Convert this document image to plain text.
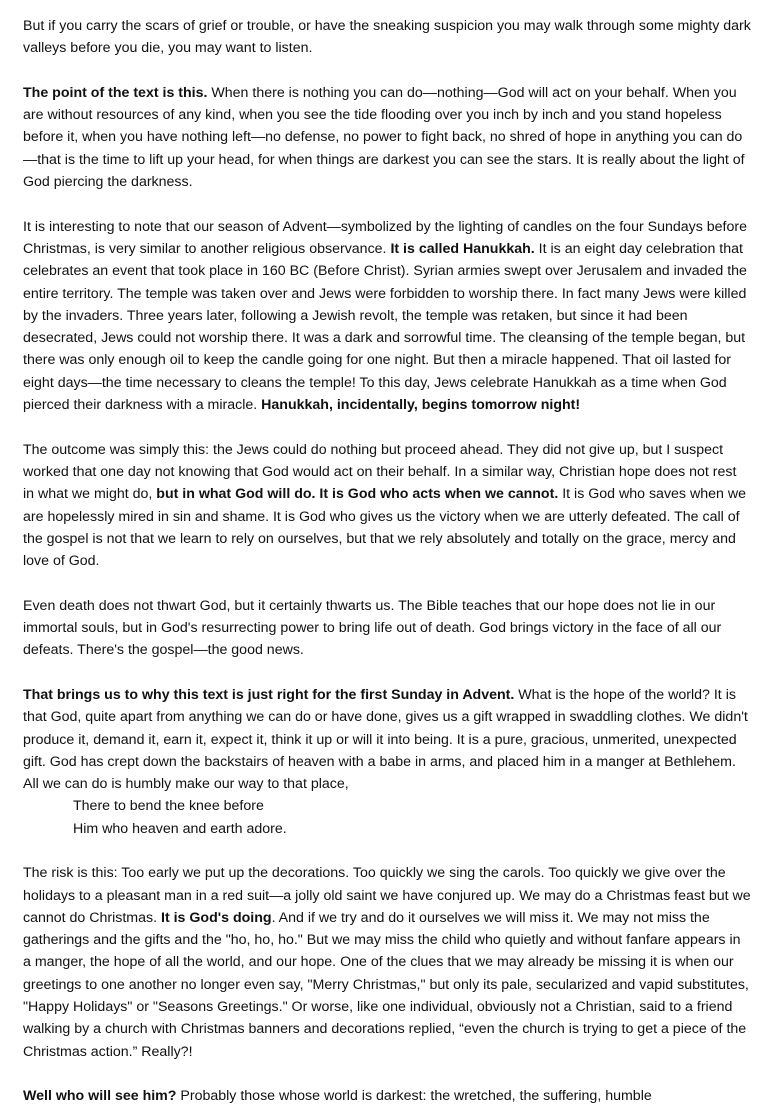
But if you carry the scars of grief or trouble, or have the sneaking suspicion you may walk through some mighty dark valleys before you die, you may want to listen.

The point of the text is this. When there is nothing you can do—nothing—God will act on your behalf. When you are without resources of any kind, when you see the tide flooding over you inch by inch and you stand hopeless before it, when you have nothing left—no defense, no power to fight back, no shred of hope in anything you can do—that is the time to lift up your head, for when things are darkest you can see the stars. It is really about the light of God piercing the darkness.

It is interesting to note that our season of Advent—symbolized by the lighting of candles on the four Sundays before Christmas, is very similar to another religious observance. It is called Hanukkah. It is an eight day celebration that celebrates an event that took place in 160 BC (Before Christ). Syrian armies swept over Jerusalem and invaded the entire territory. The temple was taken over and Jews were forbidden to worship there. In fact many Jews were killed by the invaders. Three years later, following a Jewish revolt, the temple was retaken, but since it had been desecrated, Jews could not worship there. It was a dark and sorrowful time. The cleansing of the temple began, but there was only enough oil to keep the candle going for one night. But then a miracle happened. That oil lasted for eight days—the time necessary to cleans the temple! To this day, Jews celebrate Hanukkah as a time when God pierced their darkness with a miracle. Hanukkah, incidentally, begins tomorrow night!

The outcome was simply this: the Jews could do nothing but proceed ahead. They did not give up, but I suspect worked that one day not knowing that God would act on their behalf. In a similar way, Christian hope does not rest in what we might do, but in what God will do. It is God who acts when we cannot. It is God who saves when we are hopelessly mired in sin and shame. It is God who gives us the victory when we are utterly defeated. The call of the gospel is not that we learn to rely on ourselves, but that we rely absolutely and totally on the grace, mercy and love of God.

Even death does not thwart God, but it certainly thwarts us. The Bible teaches that our hope does not lie in our immortal souls, but in God's resurrecting power to bring life out of death. God brings victory in the face of all our defeats. There's the gospel—the good news.

That brings us to why this text is just right for the first Sunday in Advent. What is the hope of the world? It is that God, quite apart from anything we can do or have done, gives us a gift wrapped in swaddling clothes. We didn't produce it, demand it, earn it, expect it, think it up or will it into being. It is a pure, gracious, unmerited, unexpected gift. God has crept down the backstairs of heaven with a babe in arms, and placed him in a manger at Bethlehem. All we can do is humbly make our way to that place,

There to bend the knee before

Him who heaven and earth adore.

The risk is this: Too early we put up the decorations. Too quickly we sing the carols. Too quickly we give over the holidays to a pleasant man in a red suit—a jolly old saint we have conjured up. We may do a Christmas feast but we cannot do Christmas. It is God's doing. And if we try and do it ourselves we will miss it. We may not miss the gatherings and the gifts and the "ho, ho, ho." But we may miss the child who quietly and without fanfare appears in a manger, the hope of all the world, and our hope. One of the clues that we may already be missing it is when our greetings to one another no longer even say, "Merry Christmas," but only its pale, secularized and vapid substitutes, "Happy Holidays" or "Seasons Greetings." Or worse, like one individual, obviously not a Christian, said to a friend walking by a church with Christmas banners and decorations replied, “even the church is trying to get a piece of the Christmas action.” Really?!

Well who will see him? Probably those whose world is darkest: the wretched, the suffering, humble
